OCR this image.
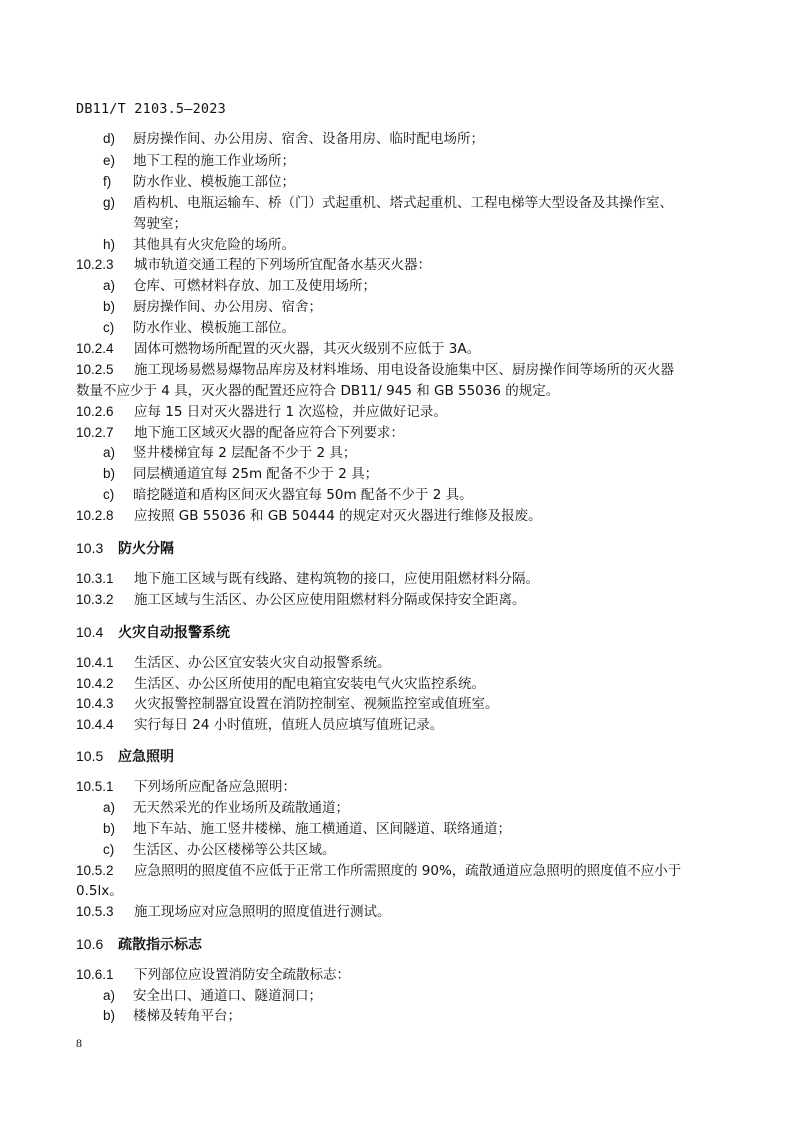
DB11/T 2103.5—2023
d) 厨房操作间、办公用房、宿舍、设备用房、临时配电场所；
e) 地下工程的施工作业场所；
f) 防水作业、模板施工部位；
g) 盾构机、电瓶运输车、桥（门）式起重机、塔式起重机、工程电梯等大型设备及其操作室、
驾驶室；
h) 其他具有火灾危险的场所。
10.2.3 城市轨道交通工程的下列场所宜配备水基灭火器：
a) 仓库、可燃材料存放、加工及使用场所；
b) 厨房操作间、办公用房、宿舍；
c) 防水作业、模板施工部位。
10.2.4 固体可燃物场所配置的灭火器，其灭火级别不应低于 3A。
10.2.5 施工现场易燃易爆物品库房及材料堆场、用电设备设施集中区、厨房操作间等场所的灭火器
数量不应少于 4 具，灭火器的配置还应符合 DB11/ 945 和 GB 55036 的规定。
10.2.6 应每 15 日对灭火器进行 1 次巡检，并应做好记录。
10.2.7 地下施工区域灭火器的配备应符合下列要求：
a) 竖井楼梯宜每 2 层配备不少于 2 具；
b) 同层横通道宜每 25m 配备不少于 2 具；
c) 暗挖隧道和盾构区间灭火器宜每 50m 配备不少于 2 具。
10.2.8 应按照 GB 55036 和 GB 50444 的规定对灭火器进行维修及报废。
10.3 防火分隔
10.3.1 地下施工区域与既有线路、建构筑物的接口，应使用阻燃材料分隔。
10.3.2 施工区域与生活区、办公区应使用阻燃材料分隔或保持安全距离。
10.4 火灾自动报警系统
10.4.1 生活区、办公区宜安装火灾自动报警系统。
10.4.2 生活区、办公区所使用的配电箱宜安装电气火灾监控系统。
10.4.3 火灾报警控制器宜设置在消防控制室、视频监控室或值班室。
10.4.4 实行每日 24 小时值班，值班人员应填写值班记录。
10.5 应急照明
10.5.1 下列场所应配备应急照明：
a) 无天然采光的作业场所及疏散通道；
b) 地下车站、施工竖井楼梯、施工横通道、区间隧道、联络通道；
c) 生活区、办公区楼梯等公共区域。
10.5.2 应急照明的照度值不应低于正常工作所需照度的 90%，疏散通道应急照明的照度值不应小于
0.5lx。
10.5.3 施工现场应对应急照明的照度值进行测试。
10.6 疏散指示标志
10.6.1 下列部位应设置消防安全疏散标志：
a) 安全出口、通道口、隧道洞口；
b) 楼梯及转角平台；
8
